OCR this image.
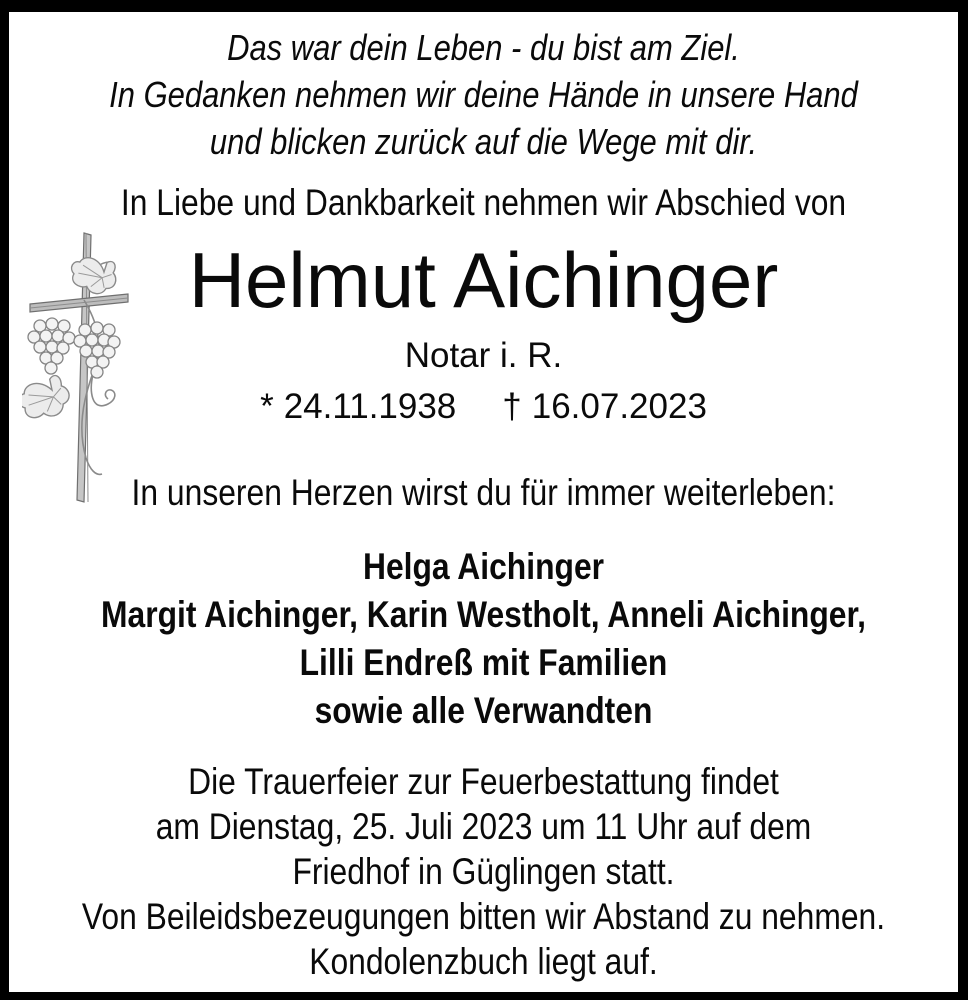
Das war dein Leben - du bist am Ziel.
In Gedanken nehmen wir deine Hände in unsere Hand
und blicken zurück auf die Wege mit dir.
In Liebe und Dankbarkeit nehmen wir Abschied von
Helmut Aichinger
Notar i. R.
* 24.11.1938 † 16.07.2023
In unseren Herzen wirst du für immer weiterleben:
Helga Aichinger
Margit Aichinger, Karin Westholt, Anneli Aichinger,
Lilli Endreß mit Familien
sowie alle Verwandten
Die Trauerfeier zur Feuerbestattung findet
am Dienstag, 25. Juli 2023 um 11 Uhr auf dem
Friedhof in Güglingen statt.
Von Beileidsbezeugungen bitten wir Abstand zu nehmen.
Kondolenzbuch liegt auf.
